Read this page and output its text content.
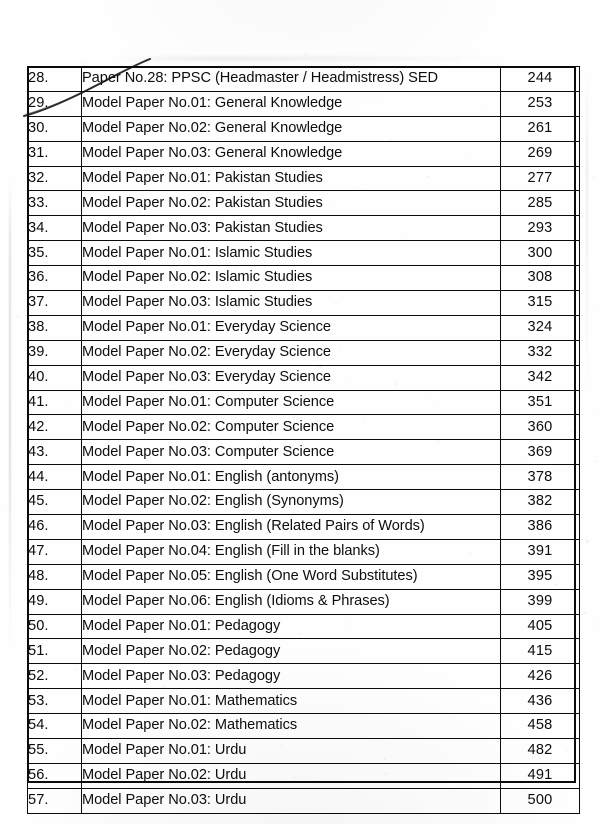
28.	Paper No.28: PPSC (Headmaster / Headmistress) SED	244
29.	Model Paper No.01: General Knowledge	253
30.	Model Paper No.02: General Knowledge	261
31.	Model Paper No.03: General Knowledge	269
32.	Model Paper No.01: Pakistan Studies	277
33.	Model Paper No.02: Pakistan Studies	285
34.	Model Paper No.03: Pakistan Studies	293
35.	Model Paper No.01: Islamic Studies	300
36.	Model Paper No.02: Islamic Studies	308
37.	Model Paper No.03: Islamic Studies	315
38.	Model Paper No.01: Everyday Science	324
39.	Model Paper No.02: Everyday Science	332
40.	Model Paper No.03: Everyday Science	342
41.	Model Paper No.01: Computer Science	351
42.	Model Paper No.02: Computer Science	360
43.	Model Paper No.03: Computer Science	369
44.	Model Paper No.01: English (antonyms)	378
45.	Model Paper No.02: English (Synonyms)	382
46.	Model Paper No.03: English (Related Pairs of Words)	386
47.	Model Paper No.04: English (Fill in the blanks)	391
48.	Model Paper No.05: English (One Word Substitutes)	395
49.	Model Paper No.06: English (Idioms & Phrases)	399
50.	Model Paper No.01: Pedagogy	405
51.	Model Paper No.02: Pedagogy	415
52.	Model Paper No.03: Pedagogy	426
53.	Model Paper No.01: Mathematics	436
54.	Model Paper No.02: Mathematics	458
55.	Model Paper No.01: Urdu	482
56.	Model Paper No.02: Urdu	491
57.	Model Paper No.03: Urdu	500
